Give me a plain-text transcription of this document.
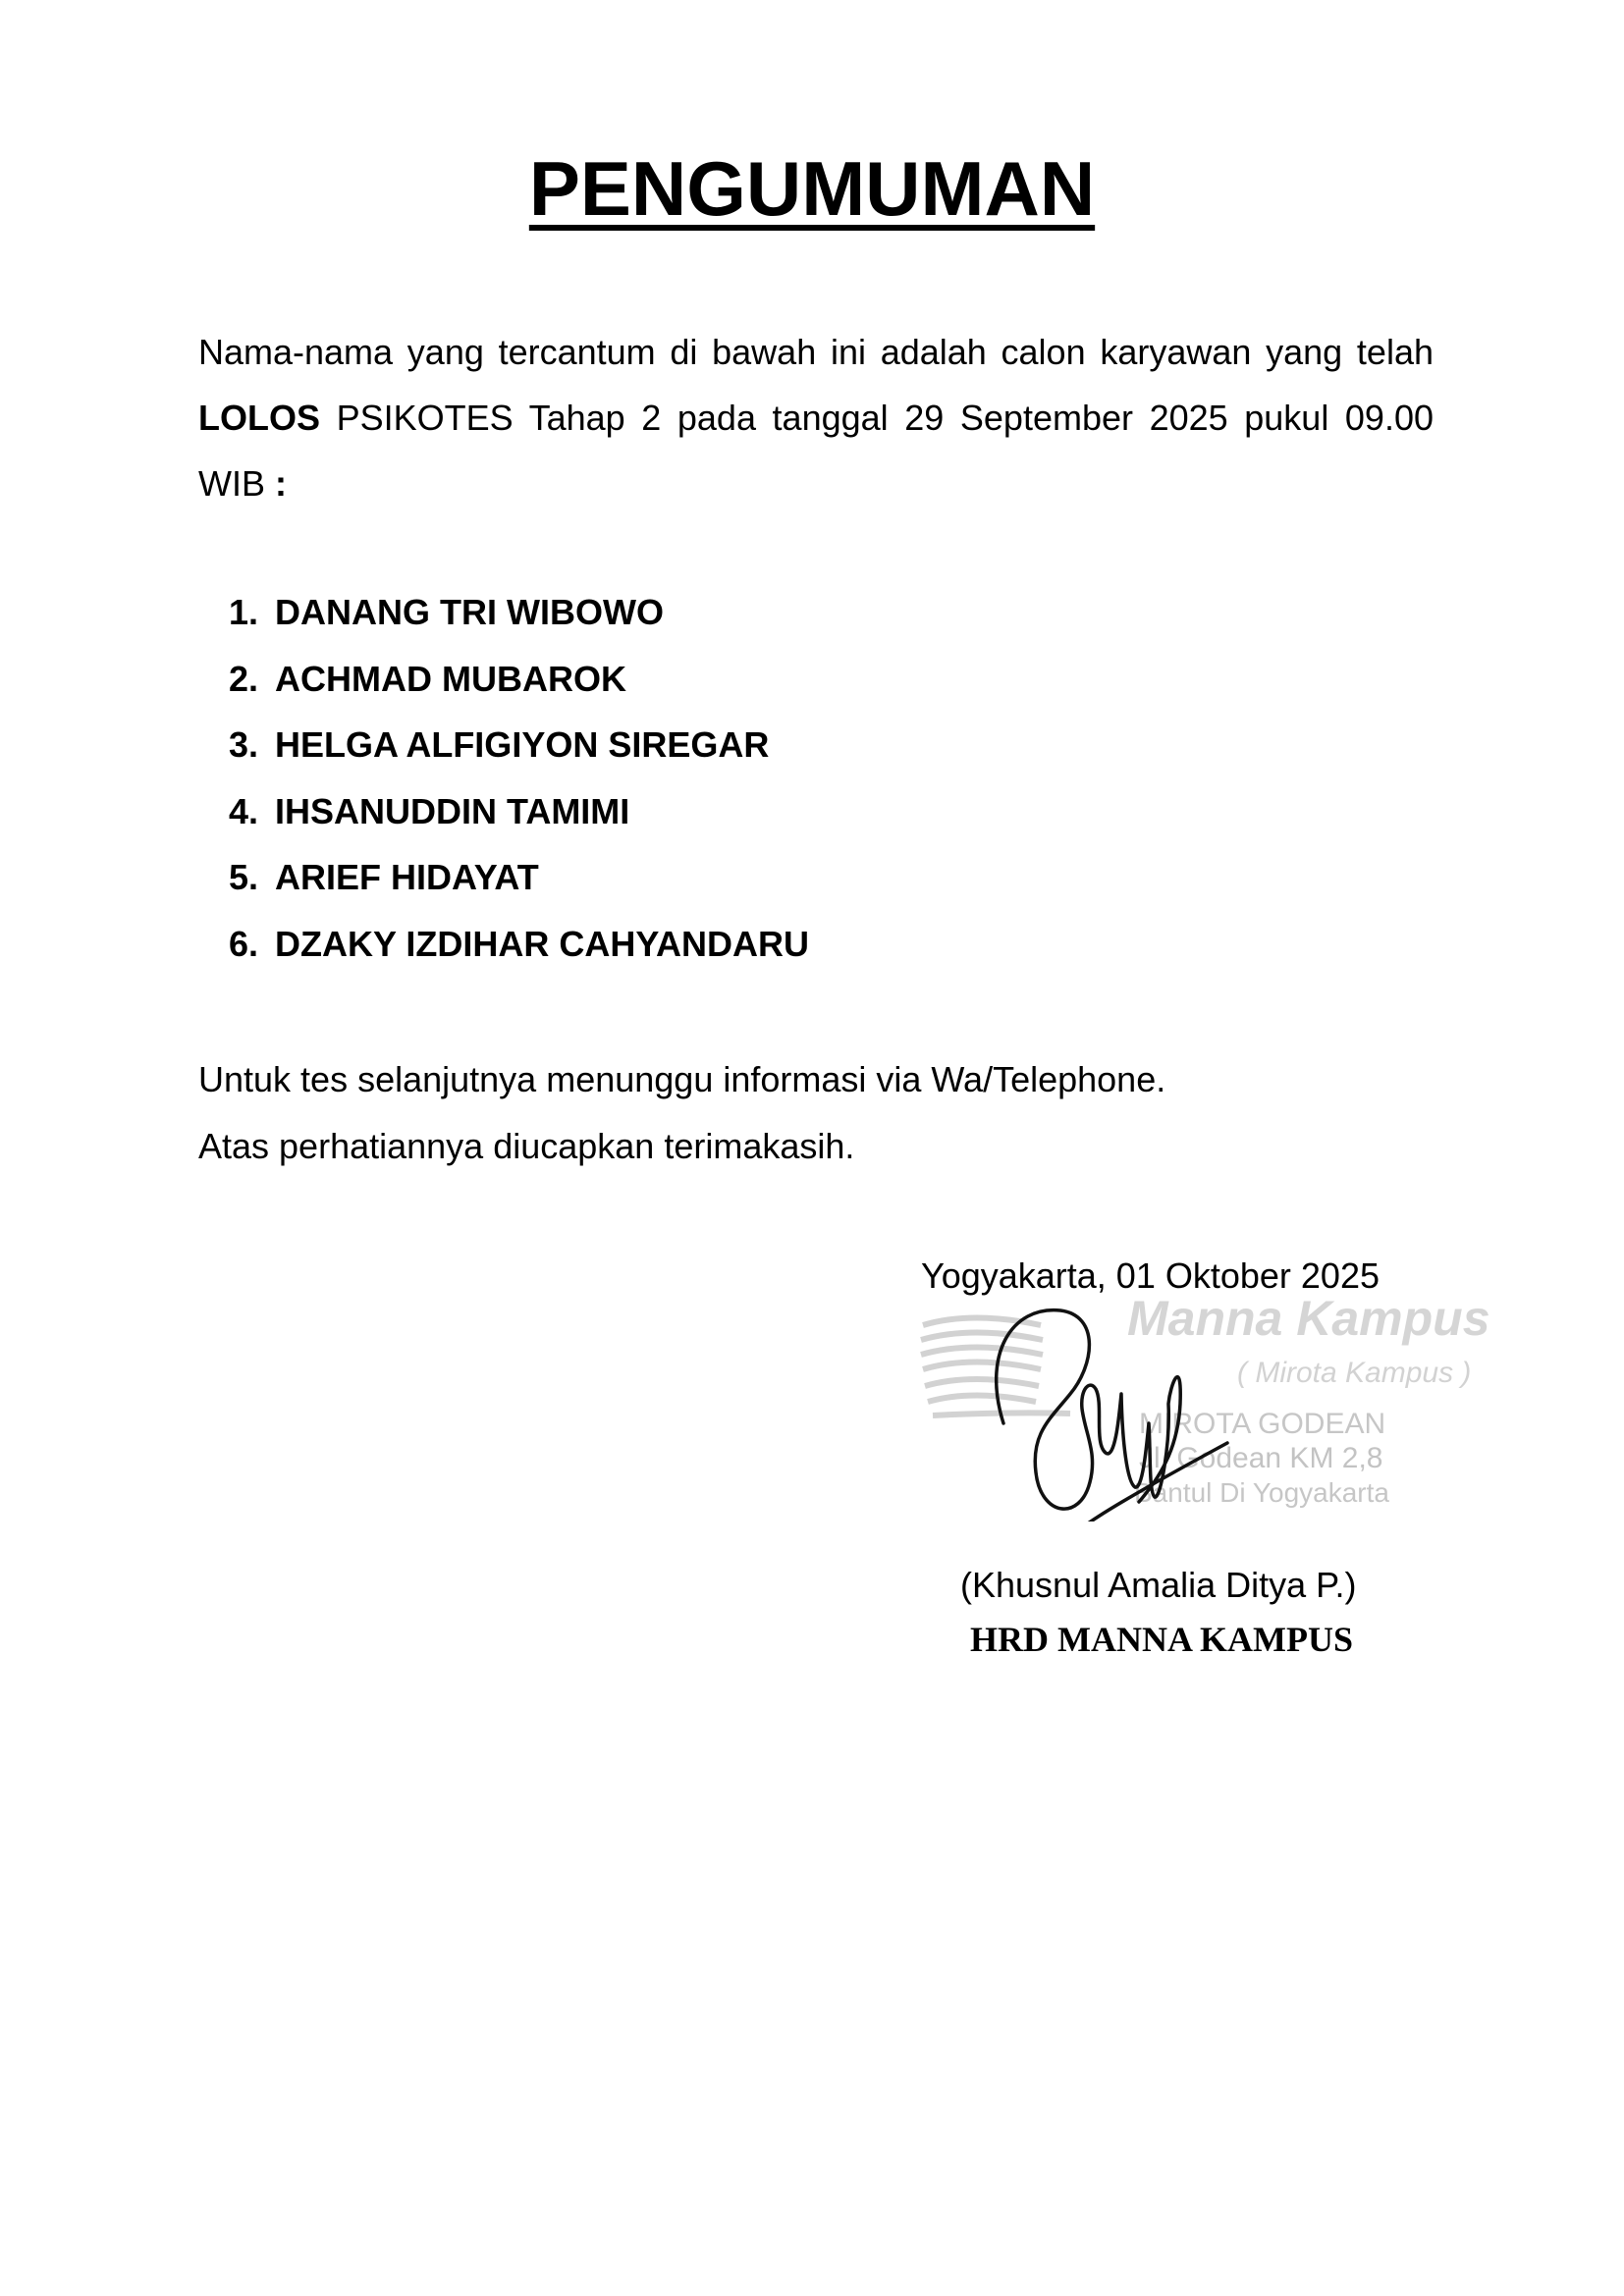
PENGUMUMAN

Nama-nama yang tercantum di bawah ini adalah calon karyawan yang telah LOLOS PSIKOTES Tahap 2 pada tanggal 29 September 2025 pukul 09.00 WIB :

1. DANANG TRI WIBOWO
2. ACHMAD MUBAROK
3. HELGA ALFIGIYON SIREGAR
4. IHSANUDDIN TAMIMI
5. ARIEF HIDAYAT
6. DZAKY IZDIHAR CAHYANDARU

Untuk tes selanjutnya menunggu informasi via Wa/Telephone.

Atas perhatiannya diucapkan terimakasih.

Yogyakarta, 01 Oktober 2025

Manna Kampus
( Mirota Kampus )
MIROTA GODEAN
Jl. Godean KM 2,8
Bantul Di Yogyakarta

(Khusnul Amalia Ditya P.)

HRD MANNA KAMPUS
